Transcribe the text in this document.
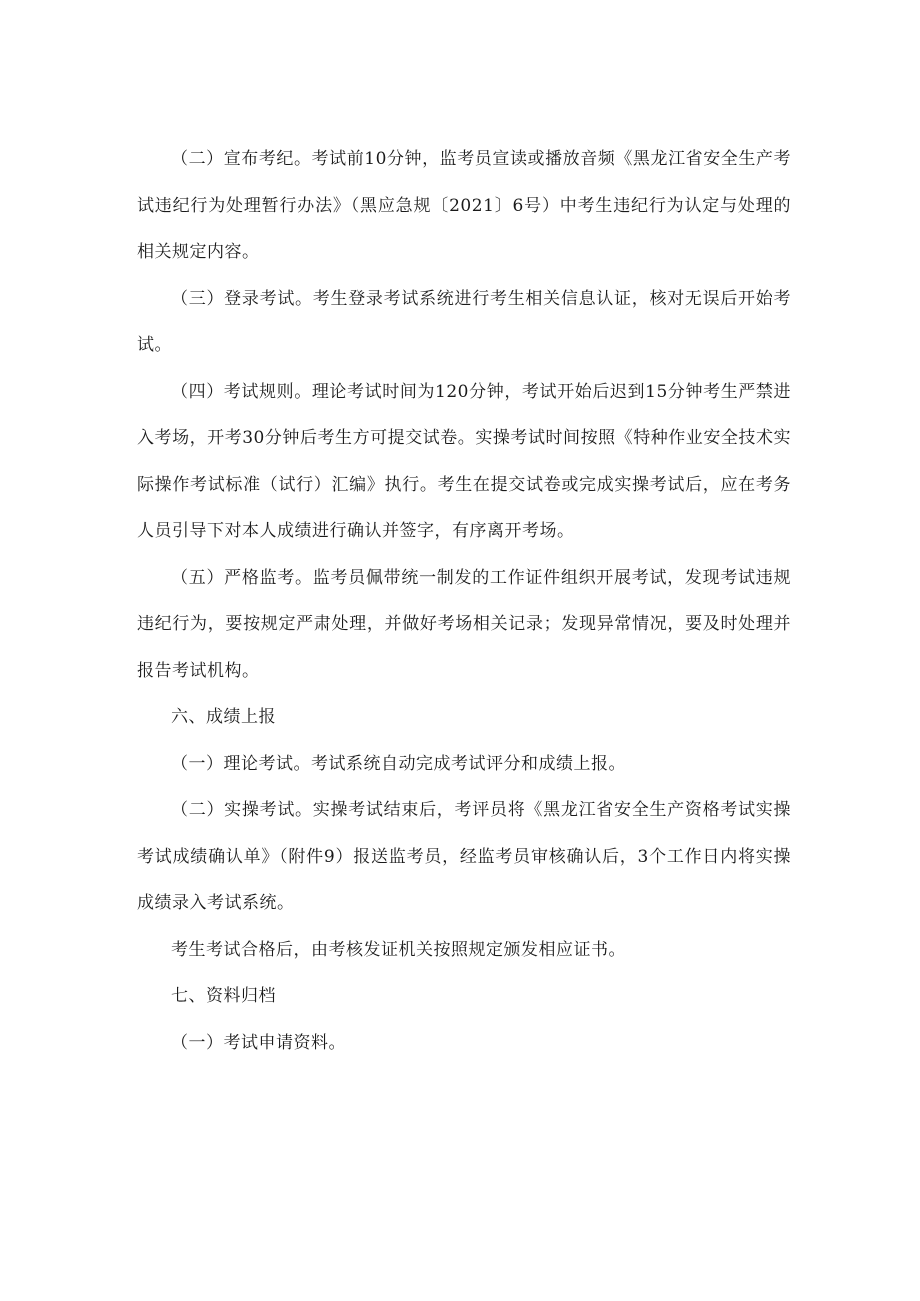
（二）宣布考纪。考试前10分钟，监考员宣读或播放音频《黑龙江省安全生产考试违纪行为处理暂行办法》（黑应急规〔2021〕6号）中考生违纪行为认定与处理的相关规定内容。

（三）登录考试。考生登录考试系统进行考生相关信息认证，核对无误后开始考试。

（四）考试规则。理论考试时间为120分钟，考试开始后迟到15分钟考生严禁进入考场，开考30分钟后考生方可提交试卷。实操考试时间按照《特种作业安全技术实际操作考试标准（试行）汇编》执行。考生在提交试卷或完成实操考试后，应在考务人员引导下对本人成绩进行确认并签字，有序离开考场。

（五）严格监考。监考员佩带统一制发的工作证件组织开展考试，发现考试违规违纪行为，要按规定严肃处理，并做好考场相关记录；发现异常情况，要及时处理并报告考试机构。

六、成绩上报

（一）理论考试。考试系统自动完成考试评分和成绩上报。

（二）实操考试。实操考试结束后，考评员将《黑龙江省安全生产资格考试实操考试成绩确认单》（附件9）报送监考员，经监考员审核确认后，3个工作日内将实操成绩录入考试系统。

考生考试合格后，由考核发证机关按照规定颁发相应证书。

七、资料归档

（一）考试申请资料。
